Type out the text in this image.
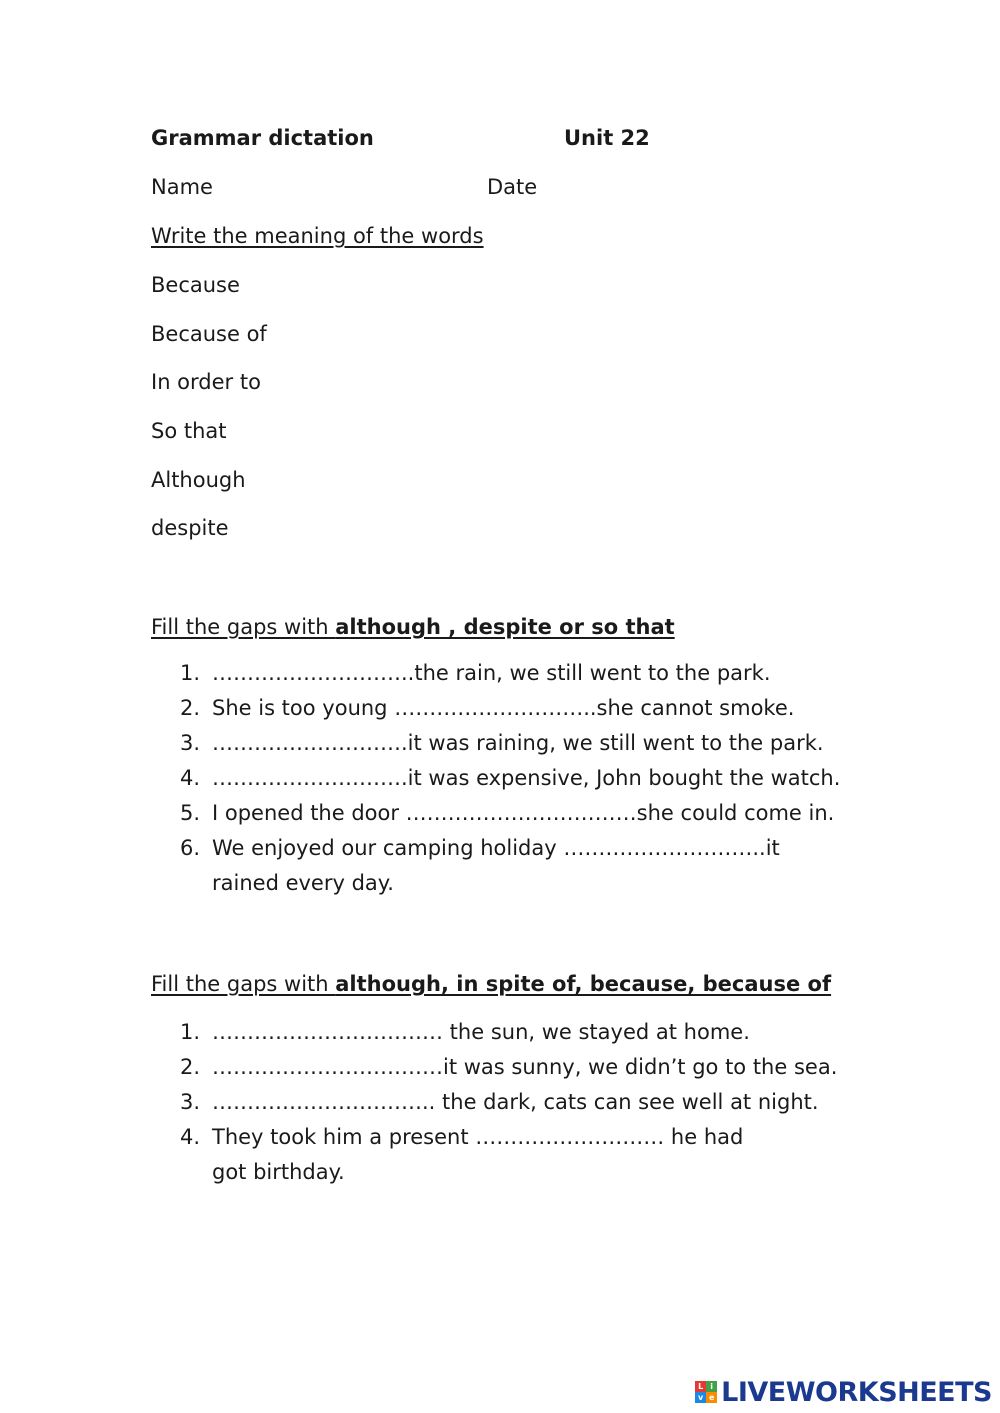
Grammar dictation	Unit 22
Name	Date
Write the meaning of the words
Because
Because of
In order to
So that
Although
despite
Fill the gaps with although , despite or so that
1. ………………………..the rain, we still went to the park.
2. She is too young ………………………..she cannot smoke.
3. ……………………….it was raining, we still went to the park.
4. ……………………….it was expensive, John bought the watch.
5. I opened the door ……………………………she could come in.
6. We enjoyed our camping holiday ………………………..it rained every day.
Fill the gaps with although, in spite of, because, because of
1. …………………………… the sun, we stayed at home.
2. ……………………………it was sunny, we didn’t go to the sea.
3. ………………………….. the dark, cats can see well at night.
4. They took him a present ……………………… he had got birthday.
L i
v e LIVEWORKSHEETS
